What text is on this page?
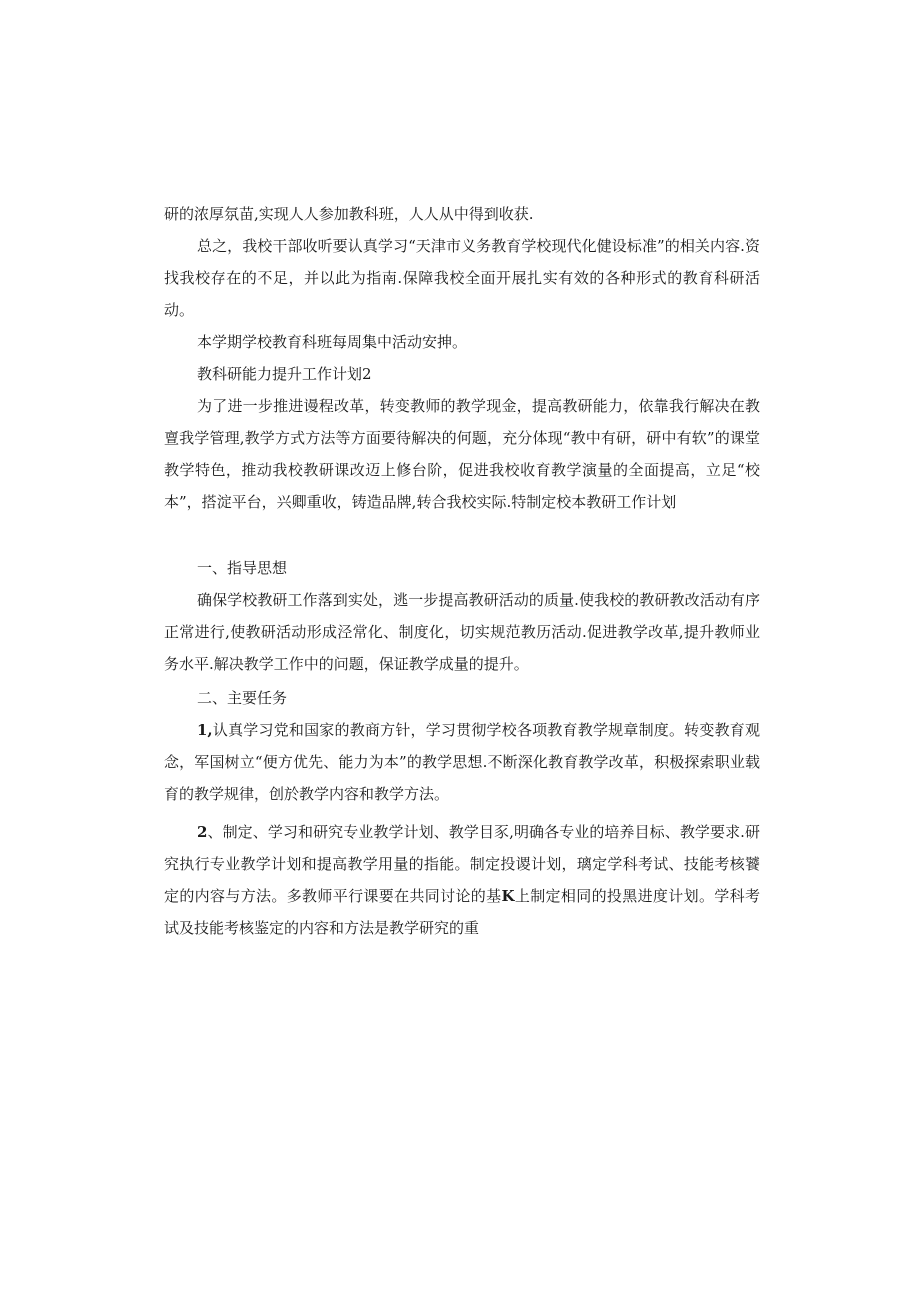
研的浓厚氛苗,实现人人参加教科班，人人从中得到收获.

总之，我校干部收听要认真学习“天津市义务教育学校现代化健设标准”的相关内容.资找我校存在的不足，并以此为指南.保障我校全面开展扎实有效的各种形式的教育科研活动。

本学期学校教育科班每周集中活动安抻。

教科研能力提升工作计划2

为了进一步推进谩程改革，转变教师的教学现金，提高教研能力，依靠我行解决在教亶我学管理,教学方式方法等方面要待解决的何题，充分体现“教中有研，研中有软”的课堂教学特色，推动我校教研课改迈上修台阶，促进我校收育教学演量的全面提高，立足“校本”，搭淀平台，兴卿重收，铸造品牌,转合我校实际.特制定校本教研工作计划

一、指导思想

确保学校教研工作落到实处，逃一步提高教研活动的质量.使我校的教研教改活动有序正常进行,使教研活动形成泾常化、制度化，切实规范教历活动.促进教学改革,提升教师业务水平.解决教学工作中的问题，保证教学成量的提升。

二、主要任务

1,认真学习党和国家的教商方针，学习贯彻学校各项教育教学规章制度。转变教育观念，军国树立“便方优先、能力为本”的教学思想.不断深化教育教学改革，积极探索职业载育的教学规律，创於教学内容和教学方法。

2、制定、学习和研究专业教学计划、教学目豕,明确各专业的培养目标、教学要求.研究执行专业教学计划和提高教学用量的指能。制定投谡计划，璃定学科考试、技能考核饕定的内容与方法。多教师平行课要在共同讨论的基K上制定相同的投黑进度计划。学科考试及技能考核鉴定的内容和方法是教学研究的重
